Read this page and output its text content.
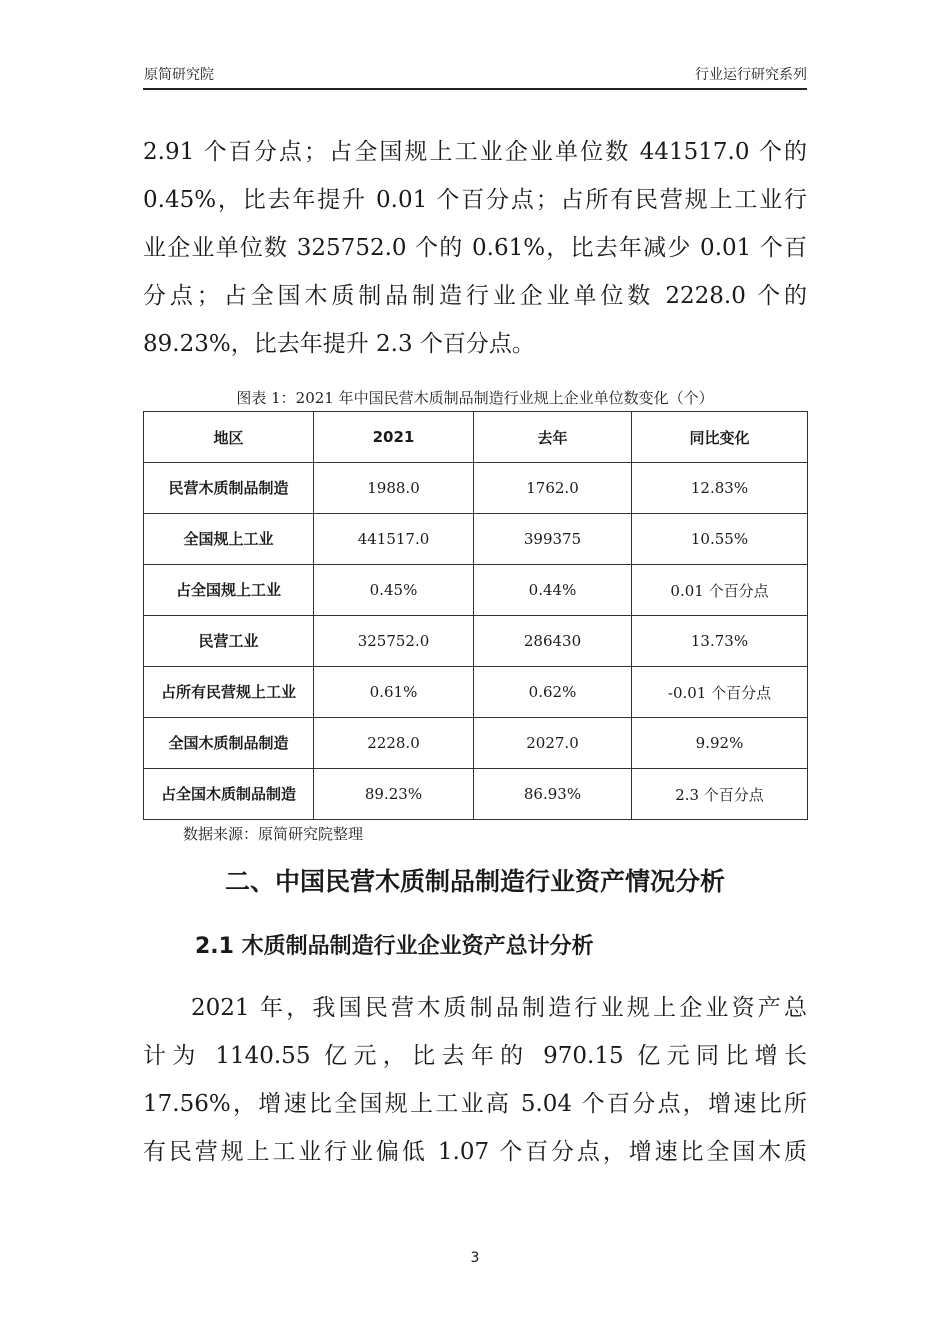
原简研究院	行业运行研究系列
2.91 个百分点；占全国规上工业企业单位数 441517.0 个的
0.45%，比去年提升 0.01 个百分点；占所有民营规上工业行
业企业单位数 325752.0 个的 0.61%，比去年减少 0.01 个百
分点；占全国木质制品制造行业企业单位数 2228.0 个的
89.23%，比去年提升 2.3 个百分点。
图表 1：2021 年中国民营木质制品制造行业规上企业单位数变化（个）
地区	2021	去年	同比变化
民营木质制品制造	1988.0	1762.0	12.83%
全国规上工业	441517.0	399375	10.55%
占全国规上工业	0.45%	0.44%	0.01 个百分点
民营工业	325752.0	286430	13.73%
占所有民营规上工业	0.61%	0.62%	-0.01 个百分点
全国木质制品制造	2228.0	2027.0	9.92%
占全国木质制品制造	89.23%	86.93%	2.3 个百分点
数据来源：原简研究院整理
二、中国民营木质制品制造行业资产情况分析
2.1 木质制品制造行业企业资产总计分析
2021 年，我国民营木质制品制造行业规上企业资产总
计为 1140.55 亿元，比去年的 970.15 亿元同比增长
17.56%，增速比全国规上工业高 5.04 个百分点，增速比所
有民营规上工业行业偏低 1.07 个百分点，增速比全国木质
3
